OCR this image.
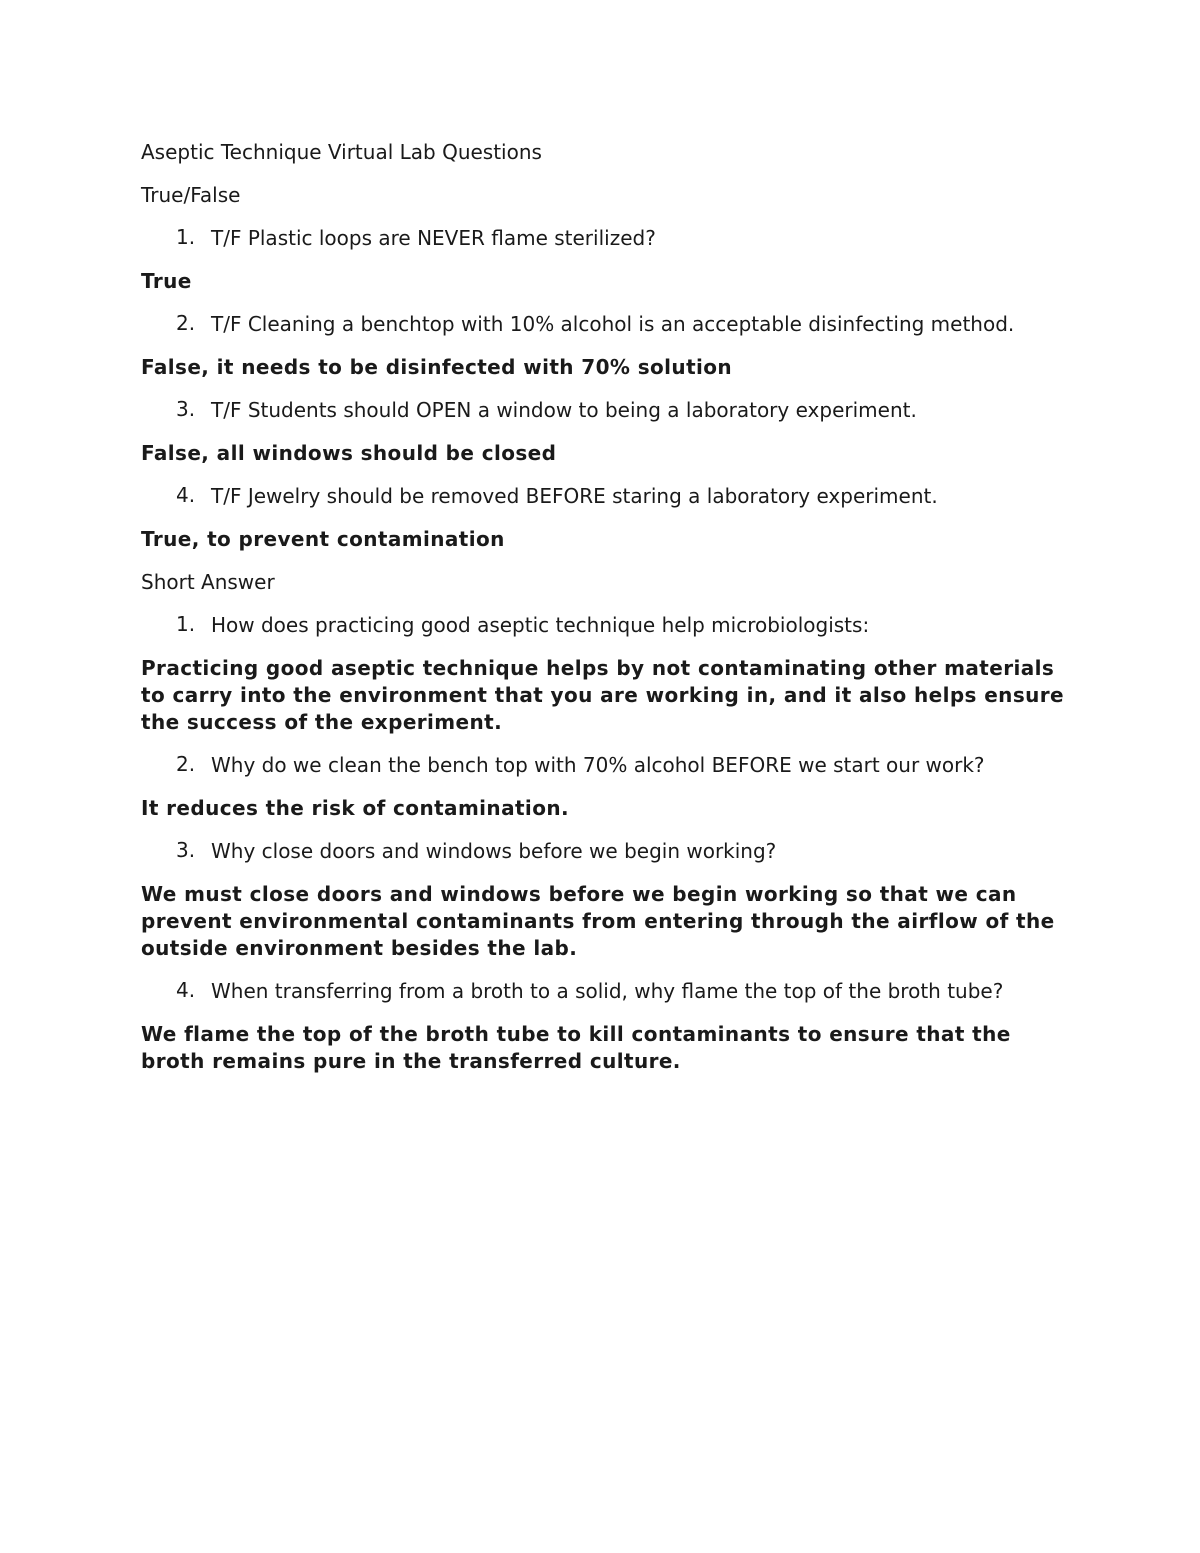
Aseptic Technique Virtual Lab Questions

True/False

1. T/F Plastic loops are NEVER flame sterilized?

True

2. T/F Cleaning a benchtop with 10% alcohol is an acceptable disinfecting method.

False, it needs to be disinfected with 70% solution

3. T/F Students should OPEN a window to being a laboratory experiment.

False, all windows should be closed

4. T/F Jewelry should be removed BEFORE staring a laboratory experiment.

True, to prevent contamination

Short Answer

1. How does practicing good aseptic technique help microbiologists:

Practicing good aseptic technique helps by not contaminating other materials to carry into the environment that you are working in, and it also helps ensure the success of the experiment.

2. Why do we clean the bench top with 70% alcohol BEFORE we start our work?

It reduces the risk of contamination.

3. Why close doors and windows before we begin working?

We must close doors and windows before we begin working so that we can prevent environmental contaminants from entering through the airflow of the outside environment besides the lab.

4. When transferring from a broth to a solid, why flame the top of the broth tube?

We flame the top of the broth tube to kill contaminants to ensure that the broth remains pure in the transferred culture.
